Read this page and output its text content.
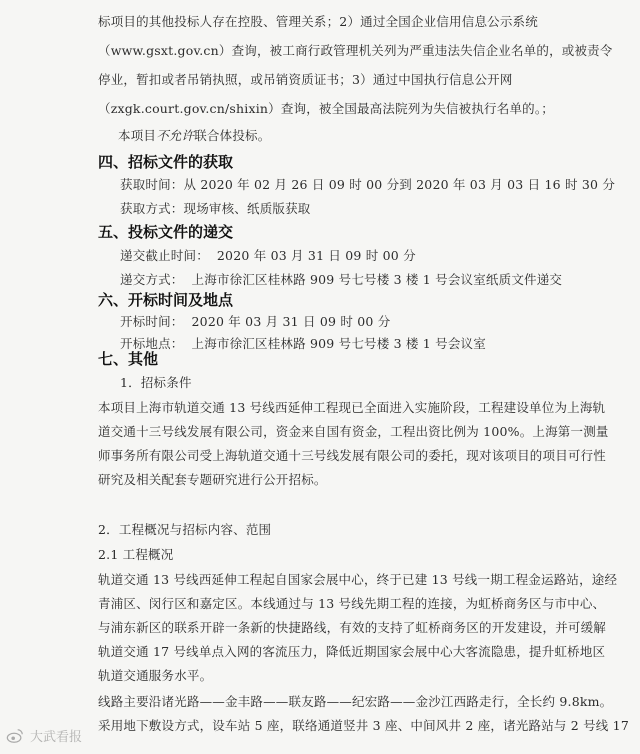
标项目的其他投标人存在控股、管理关系；2）通过全国企业信用信息公示系统
（www.gsxt.gov.cn）查询，被工商行政管理机关列为严重违法失信企业名单的，或被责令
停业，暂扣或者吊销执照，或吊销资质证书；3）通过中国执行信息公开网
（zxgk.court.gov.cn/shixin）查询，被全国最高法院列为失信被执行名单的。；
本项目不允许联合体投标。
四、招标文件的获取
获取时间：从 2020 年 02 月 26 日 09 时 00 分到 2020 年 03 月 03 日 16 时 30 分
获取方式：现场审核、纸质版获取
五、投标文件的递交
递交截止时间： 2020 年 03 月 31 日 09 时 00 分
递交方式： 上海市徐汇区桂林路 909 号七号楼 3 楼 1 号会议室纸质文件递交
六、开标时间及地点
开标时间： 2020 年 03 月 31 日 09 时 00 分
开标地点： 上海市徐汇区桂林路 909 号七号楼 3 楼 1 号会议室
七、其他
1．招标条件
本项目上海市轨道交通 13 号线西延伸工程现已全面进入实施阶段，工程建设单位为上海轨
道交通十三号线发展有限公司，资金来自国有资金，工程出资比例为 100%。上海第一测量
师事务所有限公司受上海轨道交通十三号线发展有限公司的委托，现对该项目的项目可行性
研究及相关配套专题研究进行公开招标。
2．工程概况与招标内容、范围
2.1 工程概况
轨道交通 13 号线西延伸工程起自国家会展中心，终于已建 13 号线一期工程金运路站，途经
青浦区、闵行区和嘉定区。本线通过与 13 号线先期工程的连接，为虹桥商务区与市中心、
与浦东新区的联系开辟一条新的快捷路线，有效的支持了虹桥商务区的开发建设，并可缓解
轨道交通 17 号线单点入网的客流压力，降低近期国家会展中心大客流隐患，提升虹桥地区
轨道交通服务水平。
线路主要沿诸光路——金丰路——联友路——纪宏路——金沙江西路走行，全长约 9.8km。
采用地下敷设方式，设车站 5 座，联络通道竖井 3 座、中间风井 2 座，诸光路站与 2 号线 17
大武看报
